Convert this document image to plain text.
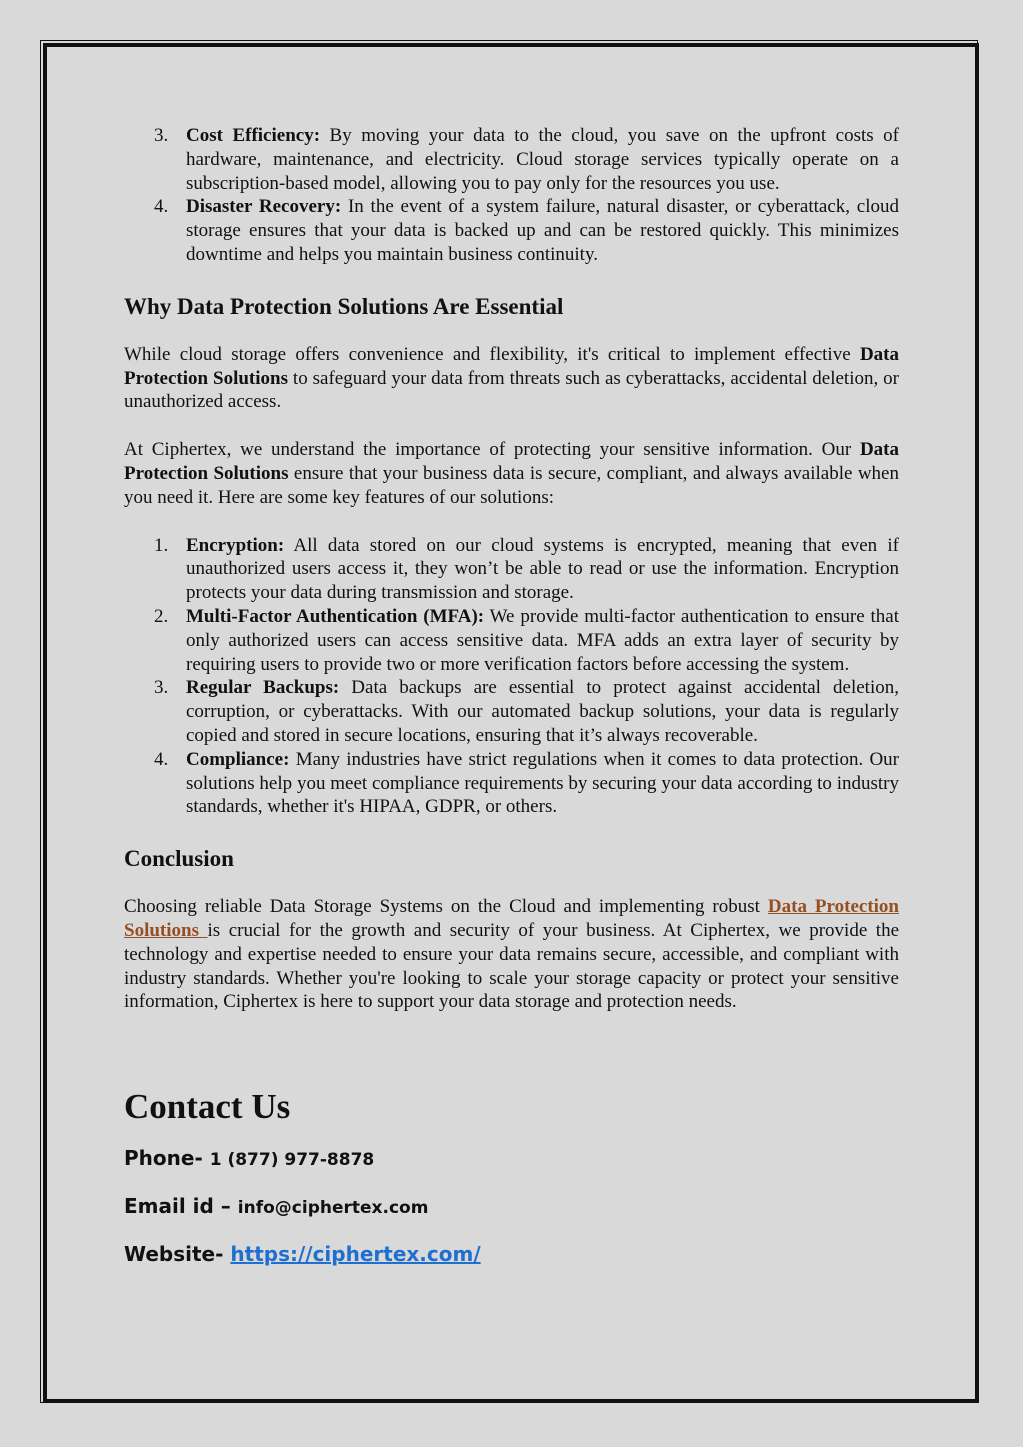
3. Cost Efficiency: By moving your data to the cloud, you save on the upfront costs of hardware, maintenance, and electricity. Cloud storage services typically operate on a subscription-based model, allowing you to pay only for the resources you use.
4. Disaster Recovery: In the event of a system failure, natural disaster, or cyberattack, cloud storage ensures that your data is backed up and can be restored quickly. This minimizes downtime and helps you maintain business continuity.
Why Data Protection Solutions Are Essential

While cloud storage offers convenience and flexibility, it's critical to implement effective Data Protection Solutions to safeguard your data from threats such as cyberattacks, accidental deletion, or unauthorized access.

At Ciphertex, we understand the importance of protecting your sensitive information. Our Data Protection Solutions ensure that your business data is secure, compliant, and always available when you need it. Here are some key features of our solutions:

1. Encryption: All data stored on our cloud systems is encrypted, meaning that even if unauthorized users access it, they won’t be able to read or use the information. Encryption protects your data during transmission and storage.
2. Multi-Factor Authentication (MFA): We provide multi-factor authentication to ensure that only authorized users can access sensitive data. MFA adds an extra layer of security by requiring users to provide two or more verification factors before accessing the system.
3. Regular Backups: Data backups are essential to protect against accidental deletion, corruption, or cyberattacks. With our automated backup solutions, your data is regularly copied and stored in secure locations, ensuring that it’s always recoverable.
4. Compliance: Many industries have strict regulations when it comes to data protection. Our solutions help you meet compliance requirements by securing your data according to industry standards, whether it's HIPAA, GDPR, or others.
Conclusion

Choosing reliable Data Storage Systems on the Cloud and implementing robust Data Protection Solutions is crucial for the growth and security of your business. At Ciphertex, we provide the technology and expertise needed to ensure your data remains secure, accessible, and compliant with industry standards. Whether you're looking to scale your storage capacity or protect your sensitive information, Ciphertex is here to support your data storage and protection needs.

Contact Us

Phone- 1 (877) 977-8878

Email id – info@ciphertex.com

Website- https://ciphertex.com/
